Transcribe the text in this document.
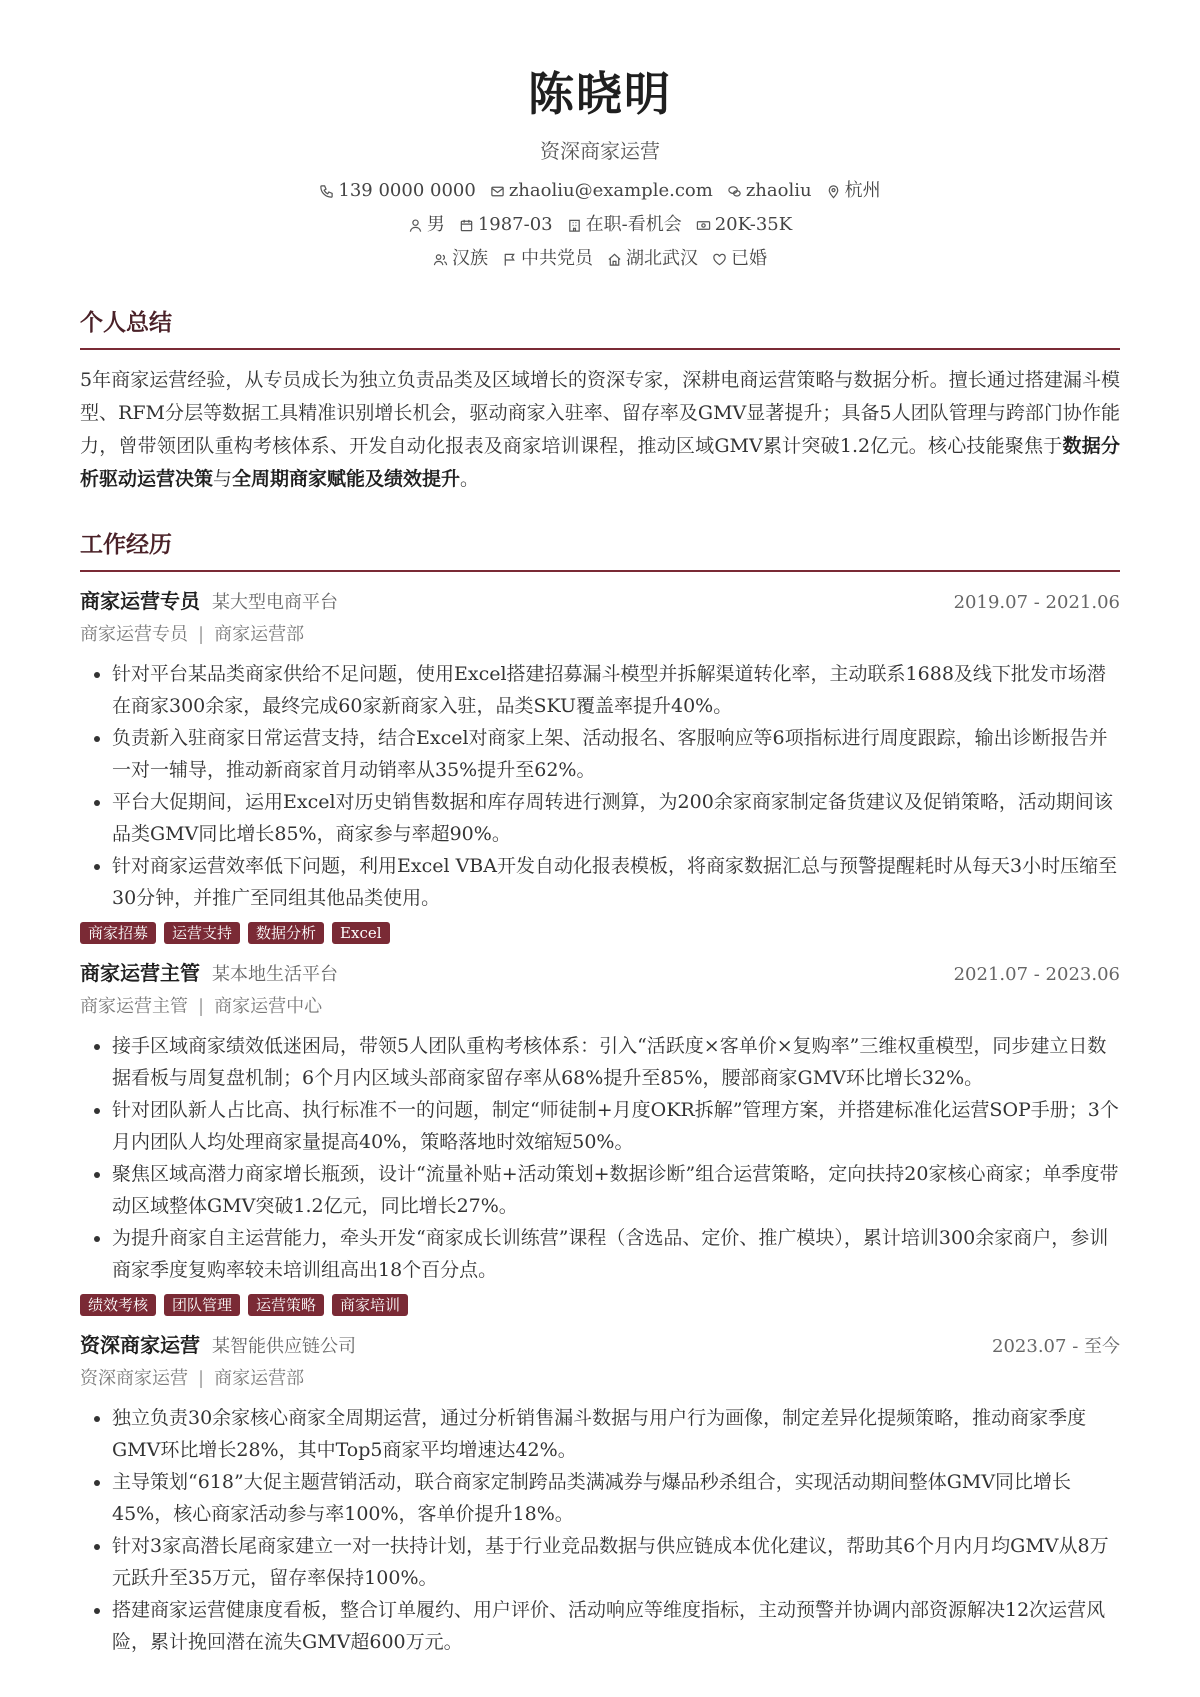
陈晓明
资深商家运营
139 0000 0000 zhaoliu@example.com zhaoliu 杭州
男 1987-03 在职-看机会 20K-35K
汉族 中共党员 湖北武汉 已婚
个人总结
5年商家运营经验，从专员成长为独立负责品类及区域增长的资深专家，深耕电商运营策略与数据分析。擅长通过搭建漏斗模型、RFM分层等数据工具精准识别增长机会，驱动商家入驻率、留存率及GMV显著提升；具备5人团队管理与跨部门协作能力，曾带领团队重构考核体系、开发自动化报表及商家培训课程，推动区域GMV累计突破1.2亿元。核心技能聚焦于数据分析驱动运营决策与全周期商家赋能及绩效提升。
工作经历
商家运营专员 某大型电商平台	2019.07 - 2021.06
商家运营专员 | 商家运营部
• 针对平台某品类商家供给不足问题，使用Excel搭建招募漏斗模型并拆解渠道转化率，主动联系1688及线下批发市场潜在商家300余家，最终完成60家新商家入驻，品类SKU覆盖率提升40%。
• 负责新入驻商家日常运营支持，结合Excel对商家上架、活动报名、客服响应等6项指标进行周度跟踪，输出诊断报告并一对一辅导，推动新商家首月动销率从35%提升至62%。
• 平台大促期间，运用Excel对历史销售数据和库存周转进行测算，为200余家商家制定备货建议及促销策略，活动期间该品类GMV同比增长85%，商家参与率超90%。
• 针对商家运营效率低下问题，利用Excel VBA开发自动化报表模板，将商家数据汇总与预警提醒耗时从每天3小时压缩至30分钟，并推广至同组其他品类使用。
商家招募	运营支持	数据分析	Excel
商家运营主管 某本地生活平台	2021.07 - 2023.06
商家运营主管 | 商家运营中心
• 接手区域商家绩效低迷困局，带领5人团队重构考核体系：引入“活跃度×客单价×复购率”三维权重模型，同步建立日数据看板与周复盘机制；6个月内区域头部商家留存率从68%提升至85%，腰部商家GMV环比增长32%。
• 针对团队新人占比高、执行标准不一的问题，制定“师徒制+月度OKR拆解”管理方案，并搭建标准化运营SOP手册；3个月内团队人均处理商家量提高40%，策略落地时效缩短50%。
• 聚焦区域高潜力商家增长瓶颈，设计“流量补贴+活动策划+数据诊断”组合运营策略，定向扶持20家核心商家；单季度带动区域整体GMV突破1.2亿元，同比增长27%。
• 为提升商家自主运营能力，牵头开发“商家成长训练营”课程（含选品、定价、推广模块），累计培训300余家商户，参训商家季度复购率较未培训组高出18个百分点。
绩效考核	团队管理	运营策略	商家培训
资深商家运营 某智能供应链公司	2023.07 - 至今
资深商家运营 | 商家运营部
• 独立负责30余家核心商家全周期运营，通过分析销售漏斗数据与用户行为画像，制定差异化提频策略，推动商家季度GMV环比增长28%，其中Top5商家平均增速达42%。
• 主导策划“618”大促主题营销活动，联合商家定制跨品类满减券与爆品秒杀组合，实现活动期间整体GMV同比增长45%，核心商家活动参与率100%，客单价提升18%。
• 针对3家高潜长尾商家建立一对一扶持计划，基于行业竞品数据与供应链成本优化建议，帮助其6个月内月均GMV从8万元跃升至35万元，留存率保持100%。
• 搭建商家运营健康度看板，整合订单履约、用户评价、活动响应等维度指标，主动预警并协调内部资源解决12次运营风险，累计挽回潜在流失GMV超600万元。
